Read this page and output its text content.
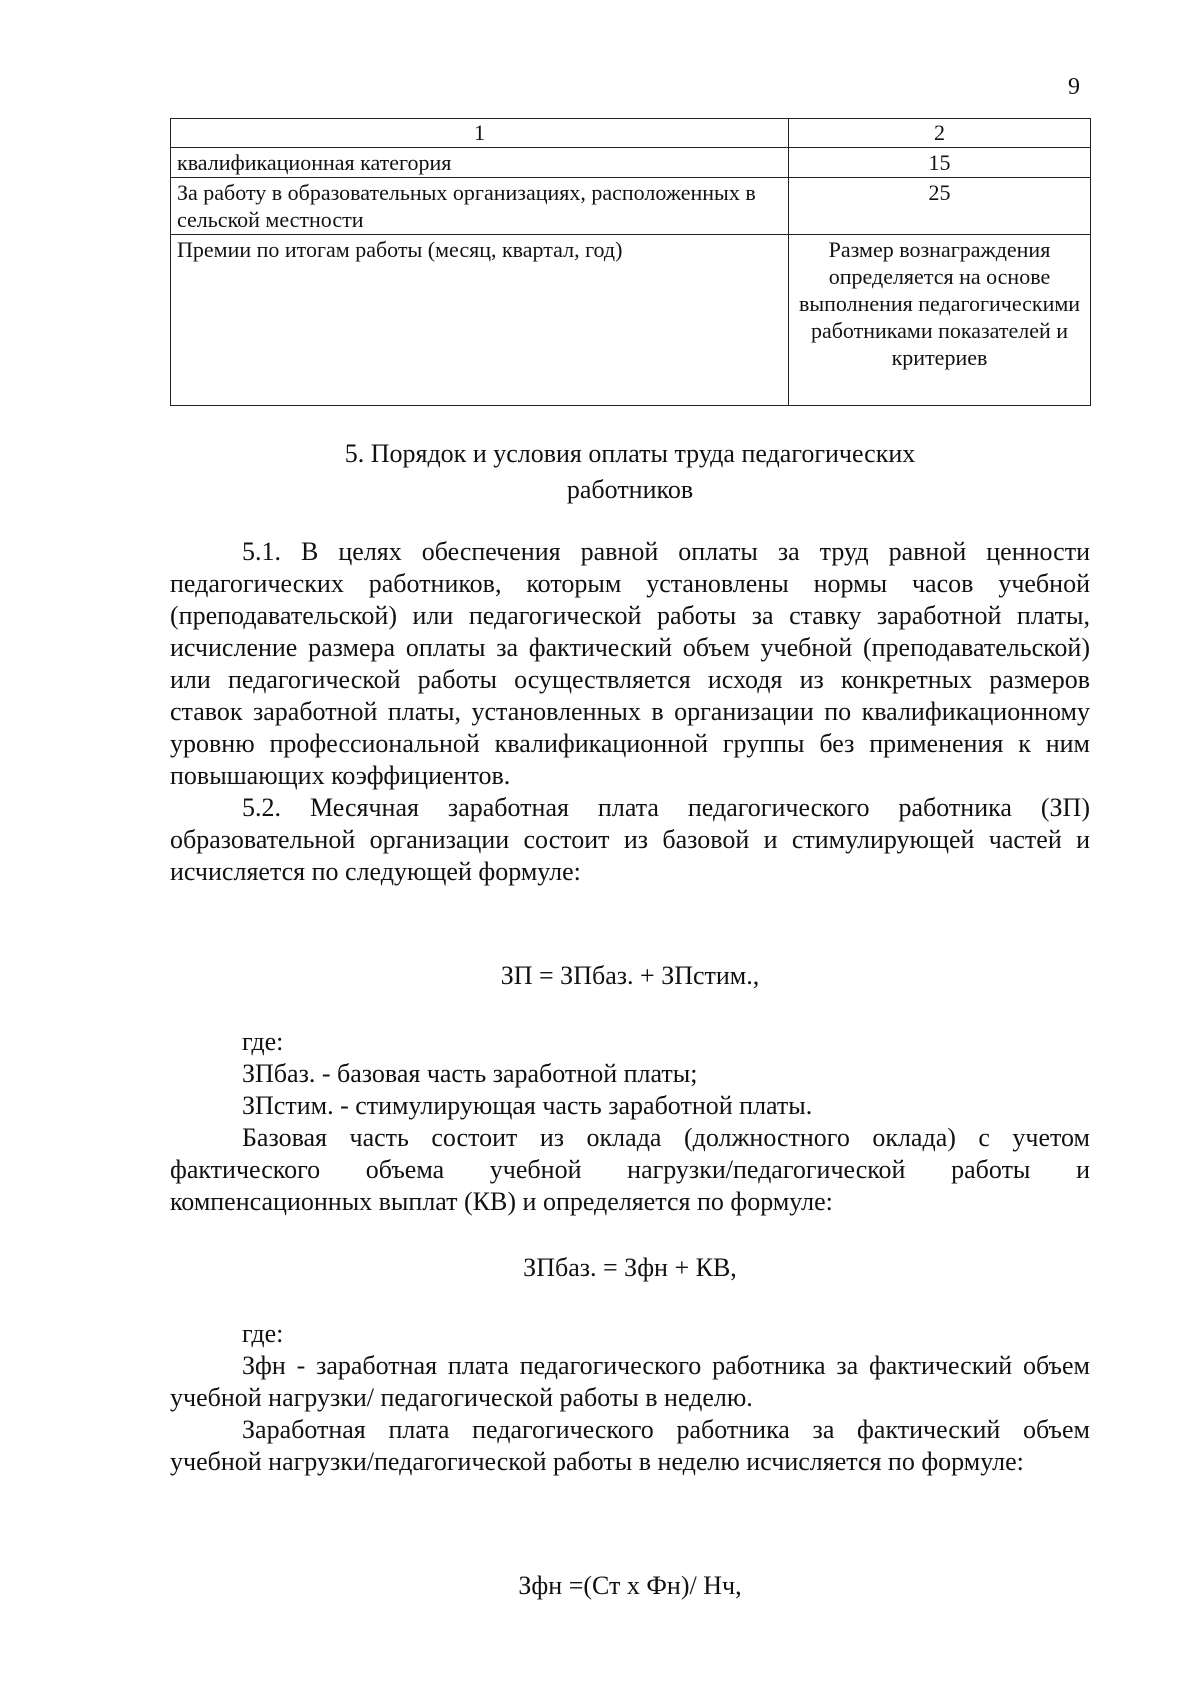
9
1	2
квалификационная категория	15
За работу в образовательных организациях, расположенных в сельской местности	25
Премии по итогам работы (месяц, квартал, год)	Размер вознаграждения определяется на основе выполнения педагогическими работниками показателей и критериев
5. Порядок и условия оплаты труда педагогических
работников

5.1. В целях обеспечения равной оплаты за труд равной ценности педагогических работников, которым установлены нормы часов учебной (преподавательской) или педагогической работы за ставку заработной платы, исчисление размера оплаты за фактический объем учебной (преподавательской) или педагогической работы осуществляется исходя из конкретных размеров ставок заработной платы, установленных в организации по квалификационному уровню профессиональной квалификационной группы без применения к ним повышающих коэффициентов.

5.2. Месячная заработная плата педагогического работника (ЗП) образовательной организации состоит из базовой и стимулирующей частей и исчисляется по следующей формуле:

ЗП = ЗПбаз. + ЗПстим.,
где:
ЗПбаз. - базовая часть заработной платы;
ЗПстим. - стимулирующая часть заработной платы.

Базовая часть состоит из оклада (должностного оклада) с учетом фактического объема учебной нагрузки/педагогической работы и компенсационных выплат (КВ) и определяется по формуле:

ЗПбаз. = Зфн + КВ,
где:

Зфн - заработная плата педагогического работника за фактический объем учебной нагрузки/ педагогической работы в неделю.

Заработная плата педагогического работника за фактический объем учебной нагрузки/педагогической работы в неделю исчисляется по формуле:

Зфн =(Ст х Фн)/ Нч,
